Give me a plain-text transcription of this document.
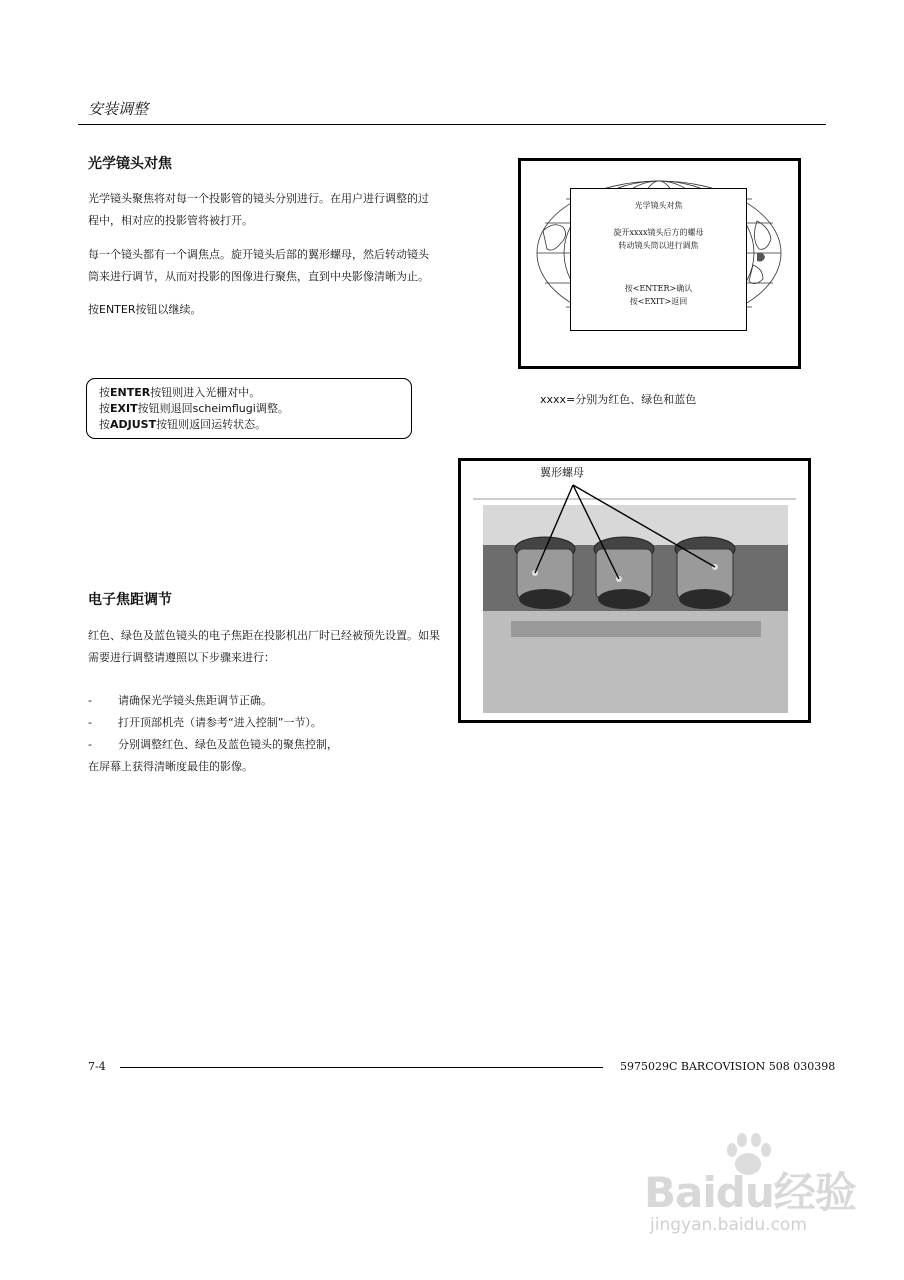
安装调整
光学镜头对焦
光学镜头聚焦将对每一个投影管的镜头分别进行。在用户进行调整的过程中，相对应的投影管将被打开。
每一个镜头都有一个调焦点。旋开镜头后部的翼形螺母，然后转动镜头筒来进行调节，从而对投影的图像进行聚焦，直到中央影像清晰为止。
按ENTER按钮以继续。
按ENTER按钮则进入光栅对中。
按EXIT按钮则退回scheimflugi调整。
按ADJUST按钮则返回运转状态。
光学镜头对焦
旋开xxxx镜头后方的螺母
转动镜头筒以进行调焦
按<ENTER>确认
按<EXIT>返回
xxxx=分别为红色、绿色和蓝色
翼形螺母
电子焦距调节
红色、绿色及蓝色镜头的电子焦距在投影机出厂时已经被预先设置。如果需要进行调整请遵照以下步骤来进行：
- 请确保光学镜头焦距调节正确。
- 打开顶部机壳（请参考“进入控制”一节）。
- 分别调整红色、绿色及蓝色镜头的聚焦控制，
在屏幕上获得清晰度最佳的影像。
7-4	5975029C BARCOVISION 508 030398
Baidu经验
jingyan.baidu.com
